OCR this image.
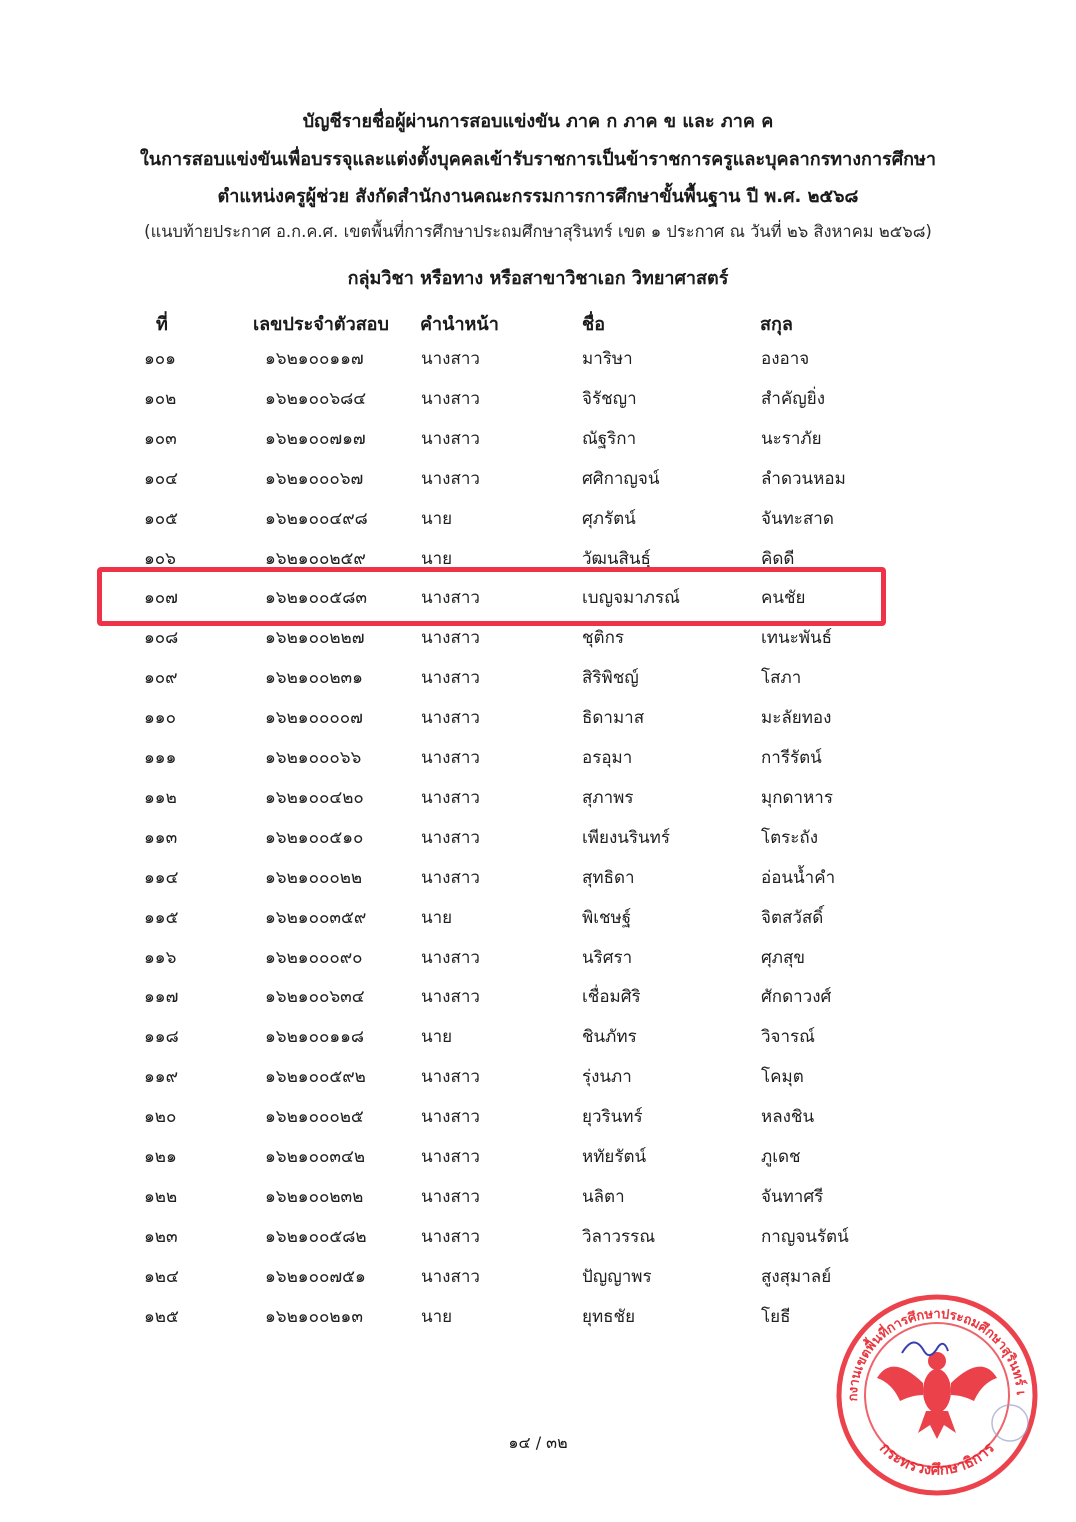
บัญชีรายชื่อผู้ผ่านการสอบแข่งขัน ภาค ก ภาค ข และ ภาค ค
ในการสอบแข่งขันเพื่อบรรจุและแต่งตั้งบุคคลเข้ารับราชการเป็นข้าราชการครูและบุคลากรทางการศึกษา
ตำแหน่งครูผู้ช่วย สังกัดสำนักงานคณะกรรมการการศึกษาขั้นพื้นฐาน ปี พ.ศ. ๒๕๖๘
(แนบท้ายประกาศ อ.ก.ค.ศ. เขตพื้นที่การศึกษาประถมศึกษาสุรินทร์ เขต ๑ ประกาศ ณ วันที่ ๒๖ สิงหาคม ๒๕๖๘)
กลุ่มวิชา หรือทาง หรือสาขาวิชาเอก วิทยาศาสตร์
ที่	เลขประจำตัวสอบ คำนำหน้า	ชื่อ	สกุล
๑๐๑	๑๖๒๑๐๐๑๑๗	นางสาว	มาริษา	องอาจ
๑๐๒	๑๖๒๑๐๐๖๘๔	นางสาว	จิรัชญา	สำคัญยิ่ง
๑๐๓	๑๖๒๑๐๐๗๑๗	นางสาว	ณัฐริกา	นะราภัย
๑๐๔	๑๖๒๑๐๐๐๖๗	นางสาว	ศศิกาญจน์	ลำดวนหอม
๑๐๕	๑๖๒๑๐๐๔๙๘	นาย	ศุภรัตน์	จันทะสาด
๑๐๖	๑๖๒๑๐๐๒๕๙	นาย	วัฒนสินธุ์	คิดดี
๑๐๗	๑๖๒๑๐๐๕๘๓	นางสาว	เบญจมาภรณ์	คนชัย
๑๐๘	๑๖๒๑๐๐๒๒๗	นางสาว	ชุติกร	เทนะพันธ์
๑๐๙	๑๖๒๑๐๐๒๓๑	นางสาว	สิริพิชญ์	โสภา
๑๑๐	๑๖๒๑๐๐๐๐๗	นางสาว	ธิดามาส	มะลัยทอง
๑๑๑	๑๖๒๑๐๐๐๖๖	นางสาว	อรอุมา	การีรัตน์
๑๑๒	๑๖๒๑๐๐๔๒๐	นางสาว	สุภาพร	มุกดาหาร
๑๑๓	๑๖๒๑๐๐๕๑๐	นางสาว	เพียงนรินทร์	โตระถัง
๑๑๔	๑๖๒๑๐๐๐๒๒	นางสาว	สุทธิดา	อ่อนน้ำคำ
๑๑๕	๑๖๒๑๐๐๓๕๙	นาย	พิเชษฐ์	จิตสวัสดิ์
๑๑๖	๑๖๒๑๐๐๐๙๐	นางสาว	นริศรา	ศุภสุข
๑๑๗	๑๖๒๑๐๐๖๓๔	นางสาว	เชื่อมศิริ	ศักดาวงศ์
๑๑๘	๑๖๒๑๐๐๑๑๘	นาย	ชินภัทร	วิจารณ์
๑๑๙	๑๖๒๑๐๐๕๙๒	นางสาว	รุ่งนภา	โคมุต
๑๒๐	๑๖๒๑๐๐๐๒๕	นางสาว	ยุวรินทร์	หลงชิน
๑๒๑	๑๖๒๑๐๐๓๔๒	นางสาว	หทัยรัตน์	ภูเดช
๑๒๒	๑๖๒๑๐๐๒๓๒	นางสาว	นลิตา	จันทาศรี
๑๒๓	๑๖๒๑๐๐๕๘๒	นางสาว	วิลาวรรณ	กาญจนรัตน์
๑๒๔	๑๖๒๑๐๐๗๕๑	นางสาว	ปัญญาพร	สูงสุมาลย์
๑๒๕	๑๖๒๑๐๐๒๑๓	นาย	ยุทธชัย	โยธี
๑๔ / ๓๒
กงานเขตพื้นที่การศึกษาประถมศึกษาสุรินทร์ เ
กระทรวงศึกษาธิการ
